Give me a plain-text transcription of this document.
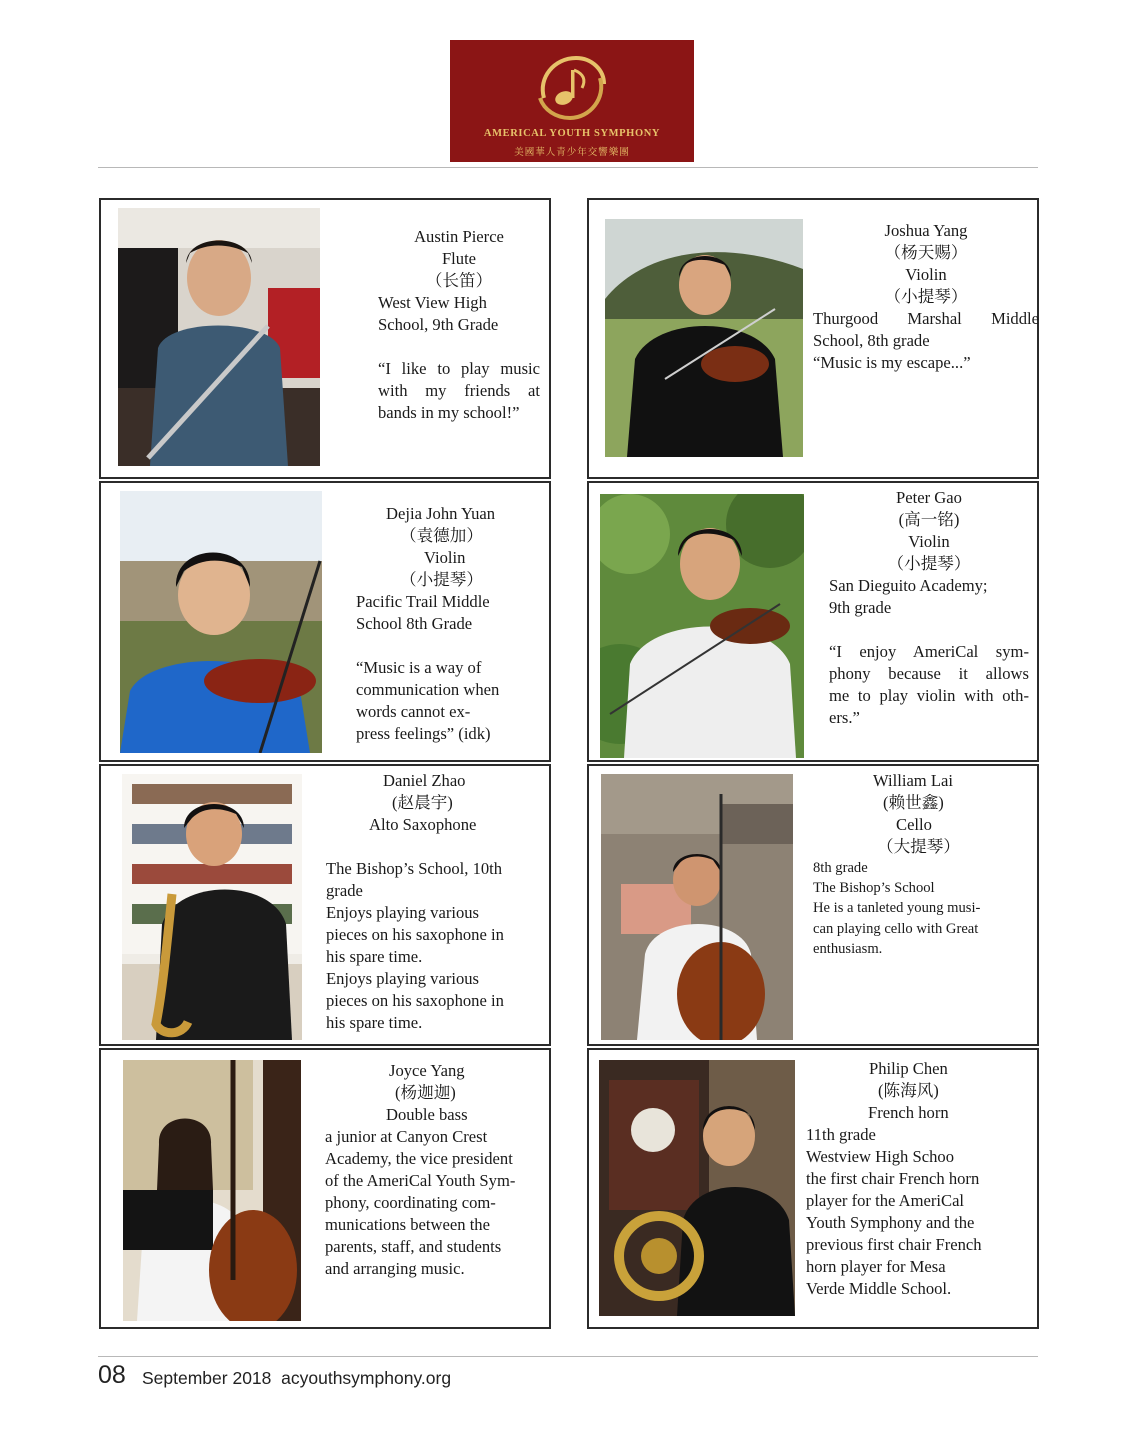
AMERICAL YOUTH SYMPHONY
美國華人青少年交響樂團
Austin Pierce
Flute
（长笛）
West View High
School, 9th Grade

“I like to play music
with my friends at
bands in my school!”
Joshua Yang
（杨天赐）
Violin
（小提琴）
Thurgood Marshal Middle
School, 8th grade
“Music is my escape...”
Dejia John Yuan
（袁德加）
Violin
（小提琴）
Pacific Trail Middle
School 8th Grade

“Music is a way of
communication when
words cannot ex-
press feelings” (idk)
Peter Gao
(高一铭)
Violin
（小提琴）
San Dieguito Academy;
9th grade

“I enjoy AmeriCal sym-
phony because it allows
me to play violin with oth-
ers.”
Daniel Zhao
(赵晨宇)
Alto Saxophone

The Bishop’s School, 10th
grade
Enjoys playing various
pieces on his saxophone in
his spare time.
Enjoys playing various
pieces on his saxophone in
his spare time.
William Lai
(赖世鑫)
Cello
（大提琴）
8th grade
The Bishop’s School
He is a tanleted young musi-
can playing cello with Great
enthusiasm.
Joyce Yang
(杨迦迦)
Double bass
a junior at Canyon Crest
Academy, the vice president
of the AmeriCal Youth Sym-
phony, coordinating com-
munications between the
parents, staff, and students
and arranging music.
Philip Chen
(陈海风)
French horn
11th grade
Westview High Schoo
the first chair French horn
player for the AmeriCal
Youth Symphony and the
previous first chair French
horn player for Mesa
Verde Middle School.
08 September 2018 acyouthsymphony.org
